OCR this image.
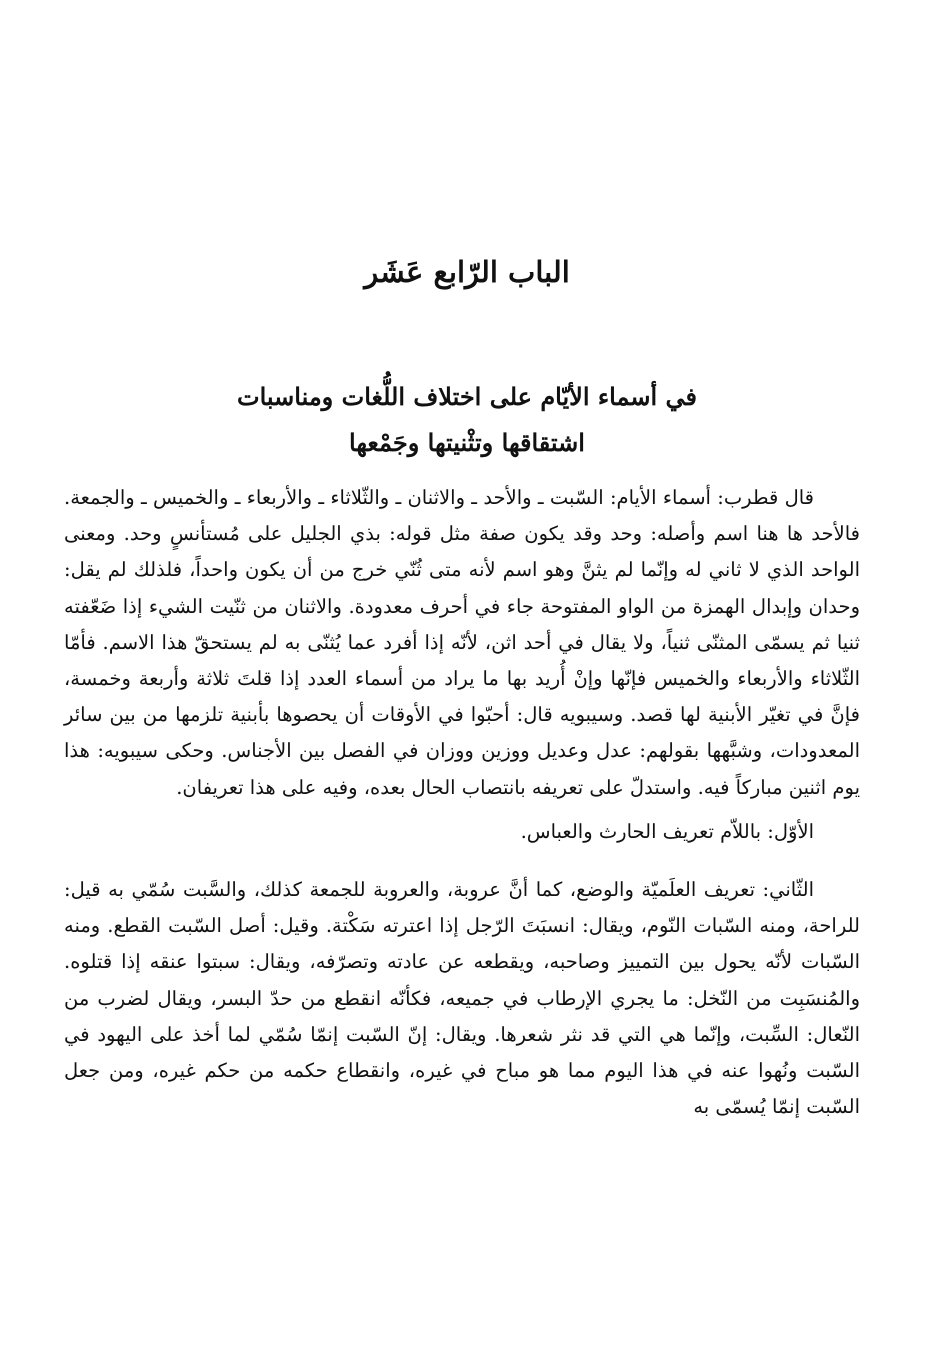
الباب الرّابع عَشَر
في أسماء الأيّام على اختلاف اللُّغات ومناسبات
اشتقاقها وتثْنيتها وجَمْعها

قال قطرب: أسماء الأيام: السّبت ـ والأحد ـ والاثنان ـ والثّلاثاء ـ والأربعاء ـ والخميس ـ والجمعة. فالأحد ها هنا اسم وأصله: وحد وقد يكون صفة مثل قوله: بذي الجليل على مُستأنسٍ وحد. ومعنى الواحد الذي لا ثاني له وإنّما لم يثنَّ وهو اسم لأنه متى ثُنّي خرج من أن يكون واحداً، فلذلك لم يقل: وحدان وإبدال الهمزة من الواو المفتوحة جاء في أحرف معدودة. والاثنان من ثنّيت الشيء إذا ضَعّفته ثنيا ثم يسمّى المثنّى ثنياً، ولا يقال في أحد اثن، لأنّه إذا أفرد عما يُثنّى به لم يستحقّ هذا الاسم. فأمّا الثّلاثاء والأربعاء والخميس فإنّها وإنْ أُريد بها ما يراد من أسماء العدد إذا قلتَ ثلاثة وأربعة وخمسة، فإنَّ في تغيّر الأبنية لها قصد. وسيبويه قال: أحبّوا في الأوقات أن يحصوها بأبنية تلزمها من بين سائر المعدودات، وشبَّهها بقولهم: عدل وعديل ووزين ووزان في الفصل بين الأجناس. وحكى سيبويه: هذا يوم اثنين مباركاً فيه. واستدلّ على تعريفه بانتصاب الحال بعده، وفيه على هذا تعريفان.

الأوّل: باللاّم تعريف الحارث والعباس.

الثّاني: تعريف العلَميّة والوضع، كما أنَّ عروبة، والعروبة للجمعة كذلك، والسَّبت سُمّي به قيل: للراحة، ومنه السّبات النّوم، ويقال: انسبَتَ الرّجل إذا اعترته سَكْتة. وقيل: أصل السّبت القطع. ومنه السّبات لأنّه يحول بين التمييز وصاحبه، ويقطعه عن عادته وتصرّفه، ويقال: سبتوا عنقه إذا قتلوه. والمُنسَبِت من النّخل: ما يجري الإرطاب في جميعه، فكأنّه انقطع من حدّ البسر، ويقال لضرب من النّعال: السِّبت، وإنّما هي التي قد نثر شعرها. ويقال: إنّ السّبت إنمّا سُمّي لما أخذ على اليهود في السّبت ونُهوا عنه في هذا اليوم مما هو مباح في غيره، وانقطاع حكمه من حكم غيره، ومن جعل السّبت إنمّا يُسمّى به
